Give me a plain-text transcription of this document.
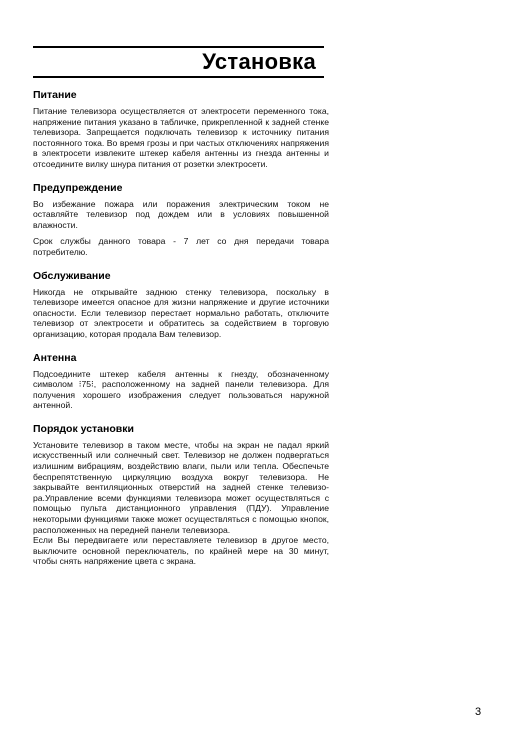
Установка
Питание

Питание телевизора осуществляется от электросети переменного тока, напряжение питания указано в табличке, прикрепленной к задней стенке телевизора. Запрещается подключать телевизор к источнику питания постоянного тока. Во время грозы и при частых отключениях напряжения в электросети извлеките штекер кабеля антенны из гнезда антенны и отсоедините вилку шнура питания от розетки электросети.

Предупреждение

Во избежание пожара или поражения электрическим током не оставляйте телевизор под дождем или в условиях повышенной влажности.

Срок службы данного товара - 7 лет со дня передачи товара потребителю.

Обслуживание

Никогда не открывайте заднюю стенку телевизора, поскольку в телевизоре имеется опасное для жизни напряжение и другие источники опасности. Если телевизор перестает нормально работать, отключите телевизор от электросети и обратитесь за содействием в торговую организацию, которая продала Вам телевизор.

Антенна

Подсоедините штекер кабеля антенны к гнезду, обозначенному символом ⁝75⁝, расположенному на задней панели телевизора. Для получения хорошего изображения следует пользоваться наружной антенной.

Порядок установки

Установите телевизор в таком месте, чтобы на экран не падал яркий искусственный или солнечный свет. Телевизор не должен подвергаться излишним вибрациям, воздействию влаги, пыли или тепла. Обеспечьте беспрепятственную циркуляцию воздуха вокруг телевизора. Не закрывайте вентиляционных отверстий на задней стенке телевизо-ра.Управление всеми функциями телевизора может осуществляться с помощью пульта дистанционного управления (ПДУ). Управление некоторыми функциями также может осуществляться с помощью кнопок, расположенных на передней панели телевизора.

Если Вы передвигаете или переставляете телевизор в другое место, выключите основной переключатель, по крайней мере на 30 минут, чтобы снять напряжение цвета с экрана.

3
